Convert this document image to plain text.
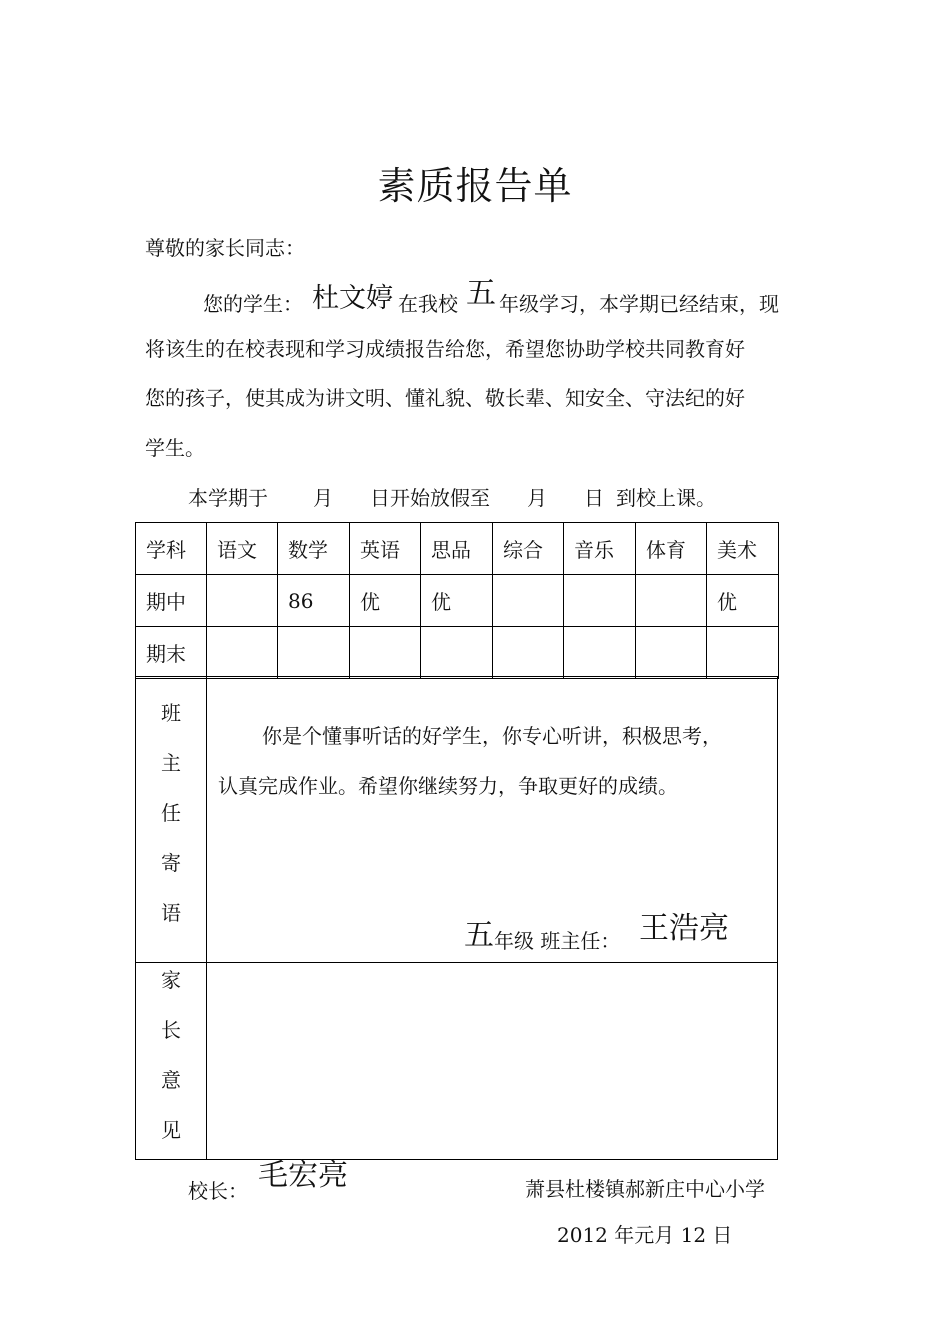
素质报告单
尊敬的家长同志：
您的学生： 杜文婷 在我校 五 年级学习，本学期已经结束，现
将该生的在校表现和学习成绩报告给您，希望您协助学校共同教育好
您的孩子，使其成为讲文明、懂礼貌、敬长辈、知安全、守法纪的好
学生。
本学期于 月 日开始放假至 月 日 到校上课。
学科	语文	数学	英语	思品	综合	音乐	体育	美术
期中		86	优	优				优
期末								
班
主
任
寄
语
你是个懂事听话的好学生，你专心听讲，积极思考，
认真完成作业。希望你继续努力，争取更好的成绩。
五 年级 班主任： 王浩亮
家
长
意
见
校长： 毛宏亮	萧县杜楼镇郝新庄中心小学
2012 年元月 12 日
